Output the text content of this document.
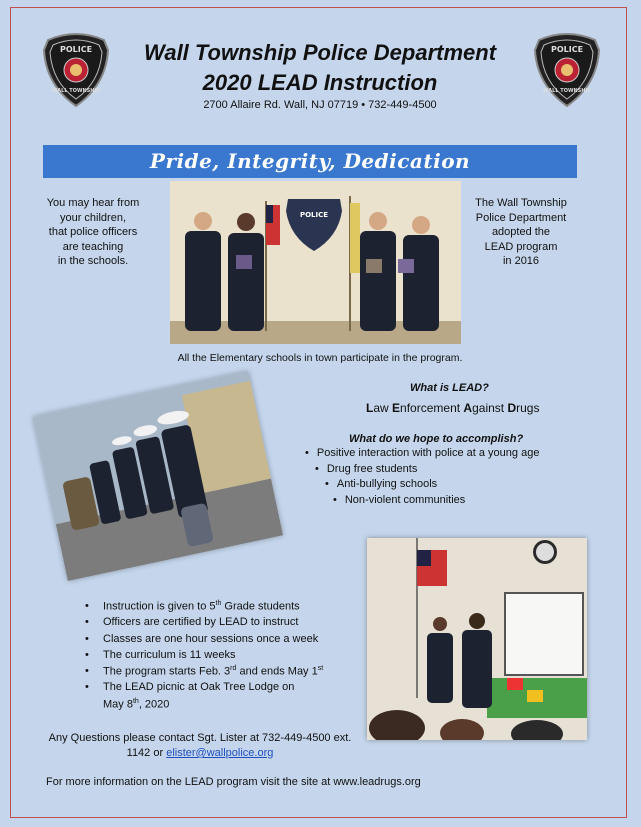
POLICE
WALL TOWNSHIP
POLICE
WALL TOWNSHIP
Wall Township Police Department
2020 LEAD Instruction
2700 Allaire Rd. Wall, NJ 07719 • 732-449-4500
Pride, Integrity, Dedication
You may hear from
your children,
that police officers
are teaching
in the schools.
The Wall Township
Police Department
adopted the
LEAD program
in 2016
POLICE
All the Elementary schools in town participate in the program.
What is LEAD?
Law Enforcement Against Drugs
What do we hope to accomplish?
• Positive interaction with police at a young age
• Drug free students
• Anti-bullying schools
• Non-violent communities
• Instruction is given to 5th Grade students
• Officers are certified by LEAD to instruct
• Classes are one hour sessions once a week
• The curriculum is 11 weeks
• The program starts Feb. 3rd and ends May 1st
• The LEAD picnic at Oak Tree Lodge on
May 8th, 2020
Any Questions please contact Sgt. Lister at 732-449-4500 ext.
1142 or elister@wallpolice.org
For more information on the LEAD program visit the site at www.leadrugs.org
